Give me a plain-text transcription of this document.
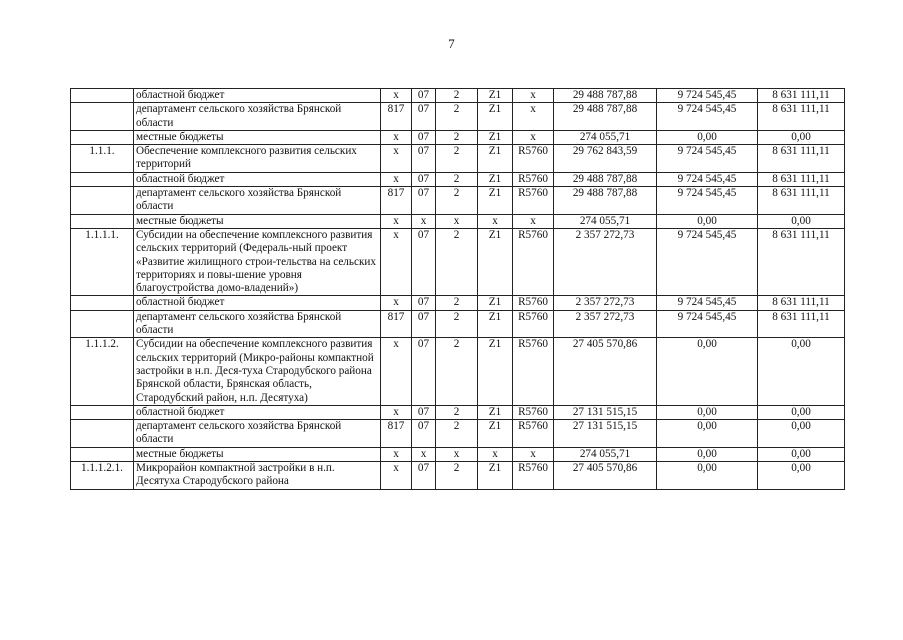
7
	областной бюджет	x	07	2	Z1	x	29 488 787,88	9 724 545,45	8 631 111,11
	департамент сельского хозяйства Брянской области	817	07	2	Z1	x	29 488 787,88	9 724 545,45	8 631 111,11
	местные бюджеты	x	07	2	Z1	x	274 055,71	0,00	0,00
1.1.1.	Обеспечение комплексного развития сельских территорий	x	07	2	Z1	R5760	29 762 843,59	9 724 545,45	8 631 111,11
	областной бюджет	x	07	2	Z1	R5760	29 488 787,88	9 724 545,45	8 631 111,11
	департамент сельского хозяйства Брянской области	817	07	2	Z1	R5760	29 488 787,88	9 724 545,45	8 631 111,11
	местные бюджеты	x	x	x	x	x	274 055,71	0,00	0,00
1.1.1.1.	Субсидии на обеспечение комплексного развития сельских территорий (Федераль-ный проект «Развитие жилищного строи-тельства на сельских территориях и повы-шение уровня благоустройства домо-владений»)	x	07	2	Z1	R5760	2 357 272,73	9 724 545,45	8 631 111,11
	областной бюджет	x	07	2	Z1	R5760	2 357 272,73	9 724 545,45	8 631 111,11
	департамент сельского хозяйства Брянской области	817	07	2	Z1	R5760	2 357 272,73	9 724 545,45	8 631 111,11
1.1.1.2.	Субсидии на обеспечение комплексного развития сельских территорий (Микро-районы компактной застройки в н.п. Деся-туха Стародубского района Брянской области, Брянская область, Стародубский район, н.п. Десятуха)	x	07	2	Z1	R5760	27 405 570,86	0,00	0,00
	областной бюджет	x	07	2	Z1	R5760	27 131 515,15	0,00	0,00
	департамент сельского хозяйства Брянской области	817	07	2	Z1	R5760	27 131 515,15	0,00	0,00
	местные бюджеты	x	x	x	x	x	274 055,71	0,00	0,00
1.1.1.2.1.	Микрорайон компактной застройки в н.п. Десятуха Стародубского района	x	07	2	Z1	R5760	27 405 570,86	0,00	0,00
